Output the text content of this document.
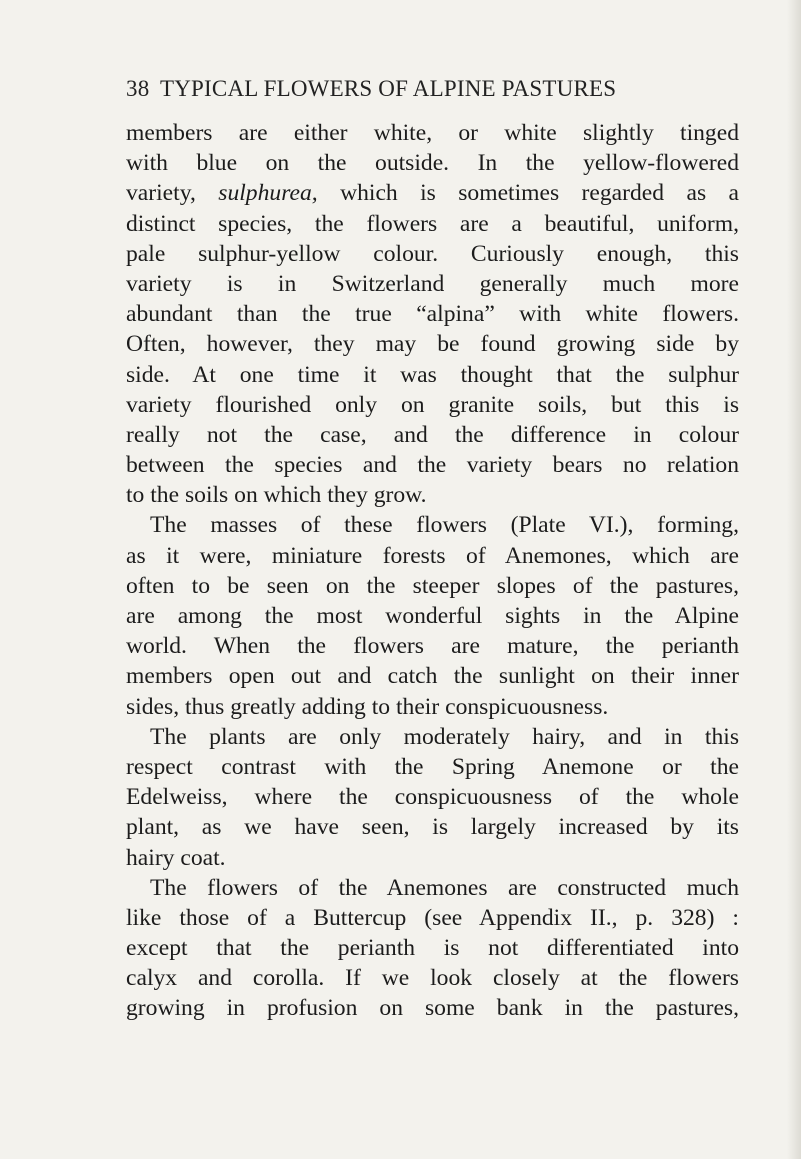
38 TYPICAL FLOWERS OF ALPINE PASTURES
members are either white, or white slightly tinged
with blue on the outside. In the yellow-flowered
variety, sulphurea, which is sometimes regarded as a
distinct species, the flowers are a beautiful, uniform,
pale sulphur-yellow colour. Curiously enough, this
variety is in Switzerland generally much more
abundant than the true “alpina” with white flowers.
Often, however, they may be found growing side by
side. At one time it was thought that the sulphur
variety flourished only on granite soils, but this is
really not the case, and the difference in colour
between the species and the variety bears no relation
to the soils on which they grow.
The masses of these flowers (Plate VI.), forming,
as it were, miniature forests of Anemones, which are
often to be seen on the steeper slopes of the pastures,
are among the most wonderful sights in the Alpine
world. When the flowers are mature, the perianth
members open out and catch the sunlight on their inner
sides, thus greatly adding to their conspicuousness.
The plants are only moderately hairy, and in this
respect contrast with the Spring Anemone or the
Edelweiss, where the conspicuousness of the whole
plant, as we have seen, is largely increased by its
hairy coat.
The flowers of the Anemones are constructed much
like those of a Buttercup (see Appendix II., p. 328) :
except that the perianth is not differentiated into
calyx and corolla. If we look closely at the flowers
growing in profusion on some bank in the pastures,
